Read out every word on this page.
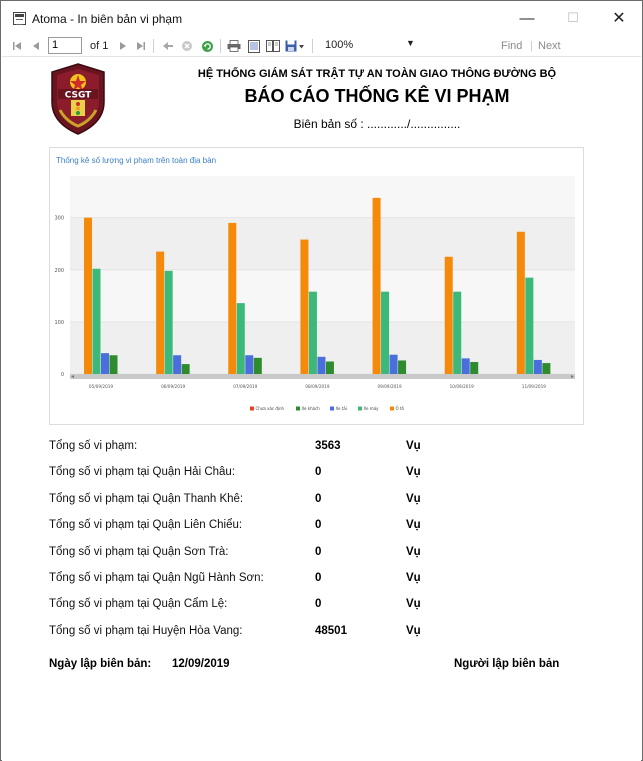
Atoma - In biên bản vi phạm	—	☐	✕
1	of 1	100%	▼	Find | Next
CSGT
HỆ THỐNG GIÁM SÁT TRẬT TỰ AN TOÀN GIAO THÔNG ĐƯỜNG BỘ
BÁO CÁO THỐNG KÊ VI PHẠM
Biên bản số : ............/...............
Thống kê số lượng vi phạm trên toàn địa bàn
0
100
200
300
05/09/2019	06/09/2019	07/09/2019	08/09/2019	09/09/2019	10/09/2019	11/09/2019
Chưa xác định	Xe khách	Xe tải	Xe máy	Ô tô
Tổng số vi phạm:	3563	Vụ
Tổng số vi phạm tại Quận Hải Châu:	0	Vụ
Tổng số vi phạm tại Quận Thanh Khê:	0	Vụ
Tổng số vi phạm tại Quận Liên Chiểu:	0	Vụ
Tổng số vi phạm tại Quận Sơn Trà:	0	Vụ
Tổng số vi phạm tại Quận Ngũ Hành Sơn:	0	Vụ
Tổng số vi phạm tại Quận Cẩm Lệ:	0	Vụ
Tổng số vi phạm tại Huyện Hòa Vang:	48501	Vụ
Ngày lập biên bản: 12/09/2019	Người lập biên bản
